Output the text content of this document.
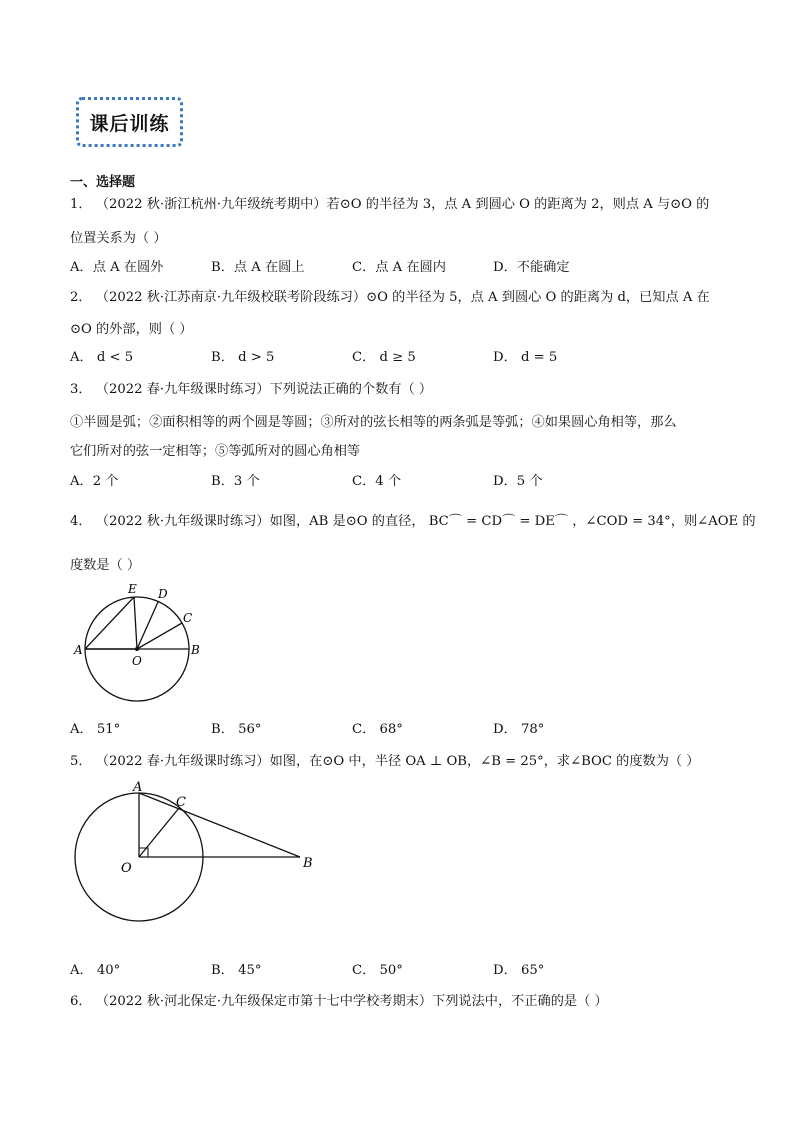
课后训练
一、选择题
1． （2022 秋·浙江杭州·九年级统考期中）若⊙O 的半径为 3，点 A 到圆心 O 的距离为 2，则点 A 与⊙O 的
位置关系为（ ）
A．点 A 在圆外	B．点 A 在圆上	C．点 A 在圆内	D．不能确定
2． （2022 秋·江苏南京·九年级校联考阶段练习）⊙O 的半径为 5，点 A 到圆心 O 的距离为 d，已知点 A 在
⊙O 的外部，则（ ）
A． d < 5	B． d > 5	C． d ≥ 5	D． d = 5
3． （2022 春·九年级课时练习）下列说法正确的个数有（ ）
①半圆是弧；②面积相等的两个圆是等圆；③所对的弦长相等的两条弧是等弧；④如果圆心角相等，那么
它们所对的弦一定相等；⑤等弧所对的圆心角相等
A．2 个	B．3 个	C．4 个	D．5 个
4． （2022 秋·九年级课时练习）如图，AB 是⊙O 的直径， BC⌒ = CD⌒ = DE⌒ ，∠COD = 34°，则∠AOE 的
度数是（ ）
E D
C
A
O
B
A． 51°	B． 56°	C． 68°	D． 78°
5． （2022 春·九年级课时练习）如图，在⊙O 中，半径 OA ⊥ OB，∠B = 25°，求∠BOC 的度数为（ ）
A
C
O	B
A． 40°	B． 45°	C． 50°	D． 65°
6． （2022 秋·河北保定·九年级保定市第十七中学校考期末）下列说法中，不正确的是（ ）
